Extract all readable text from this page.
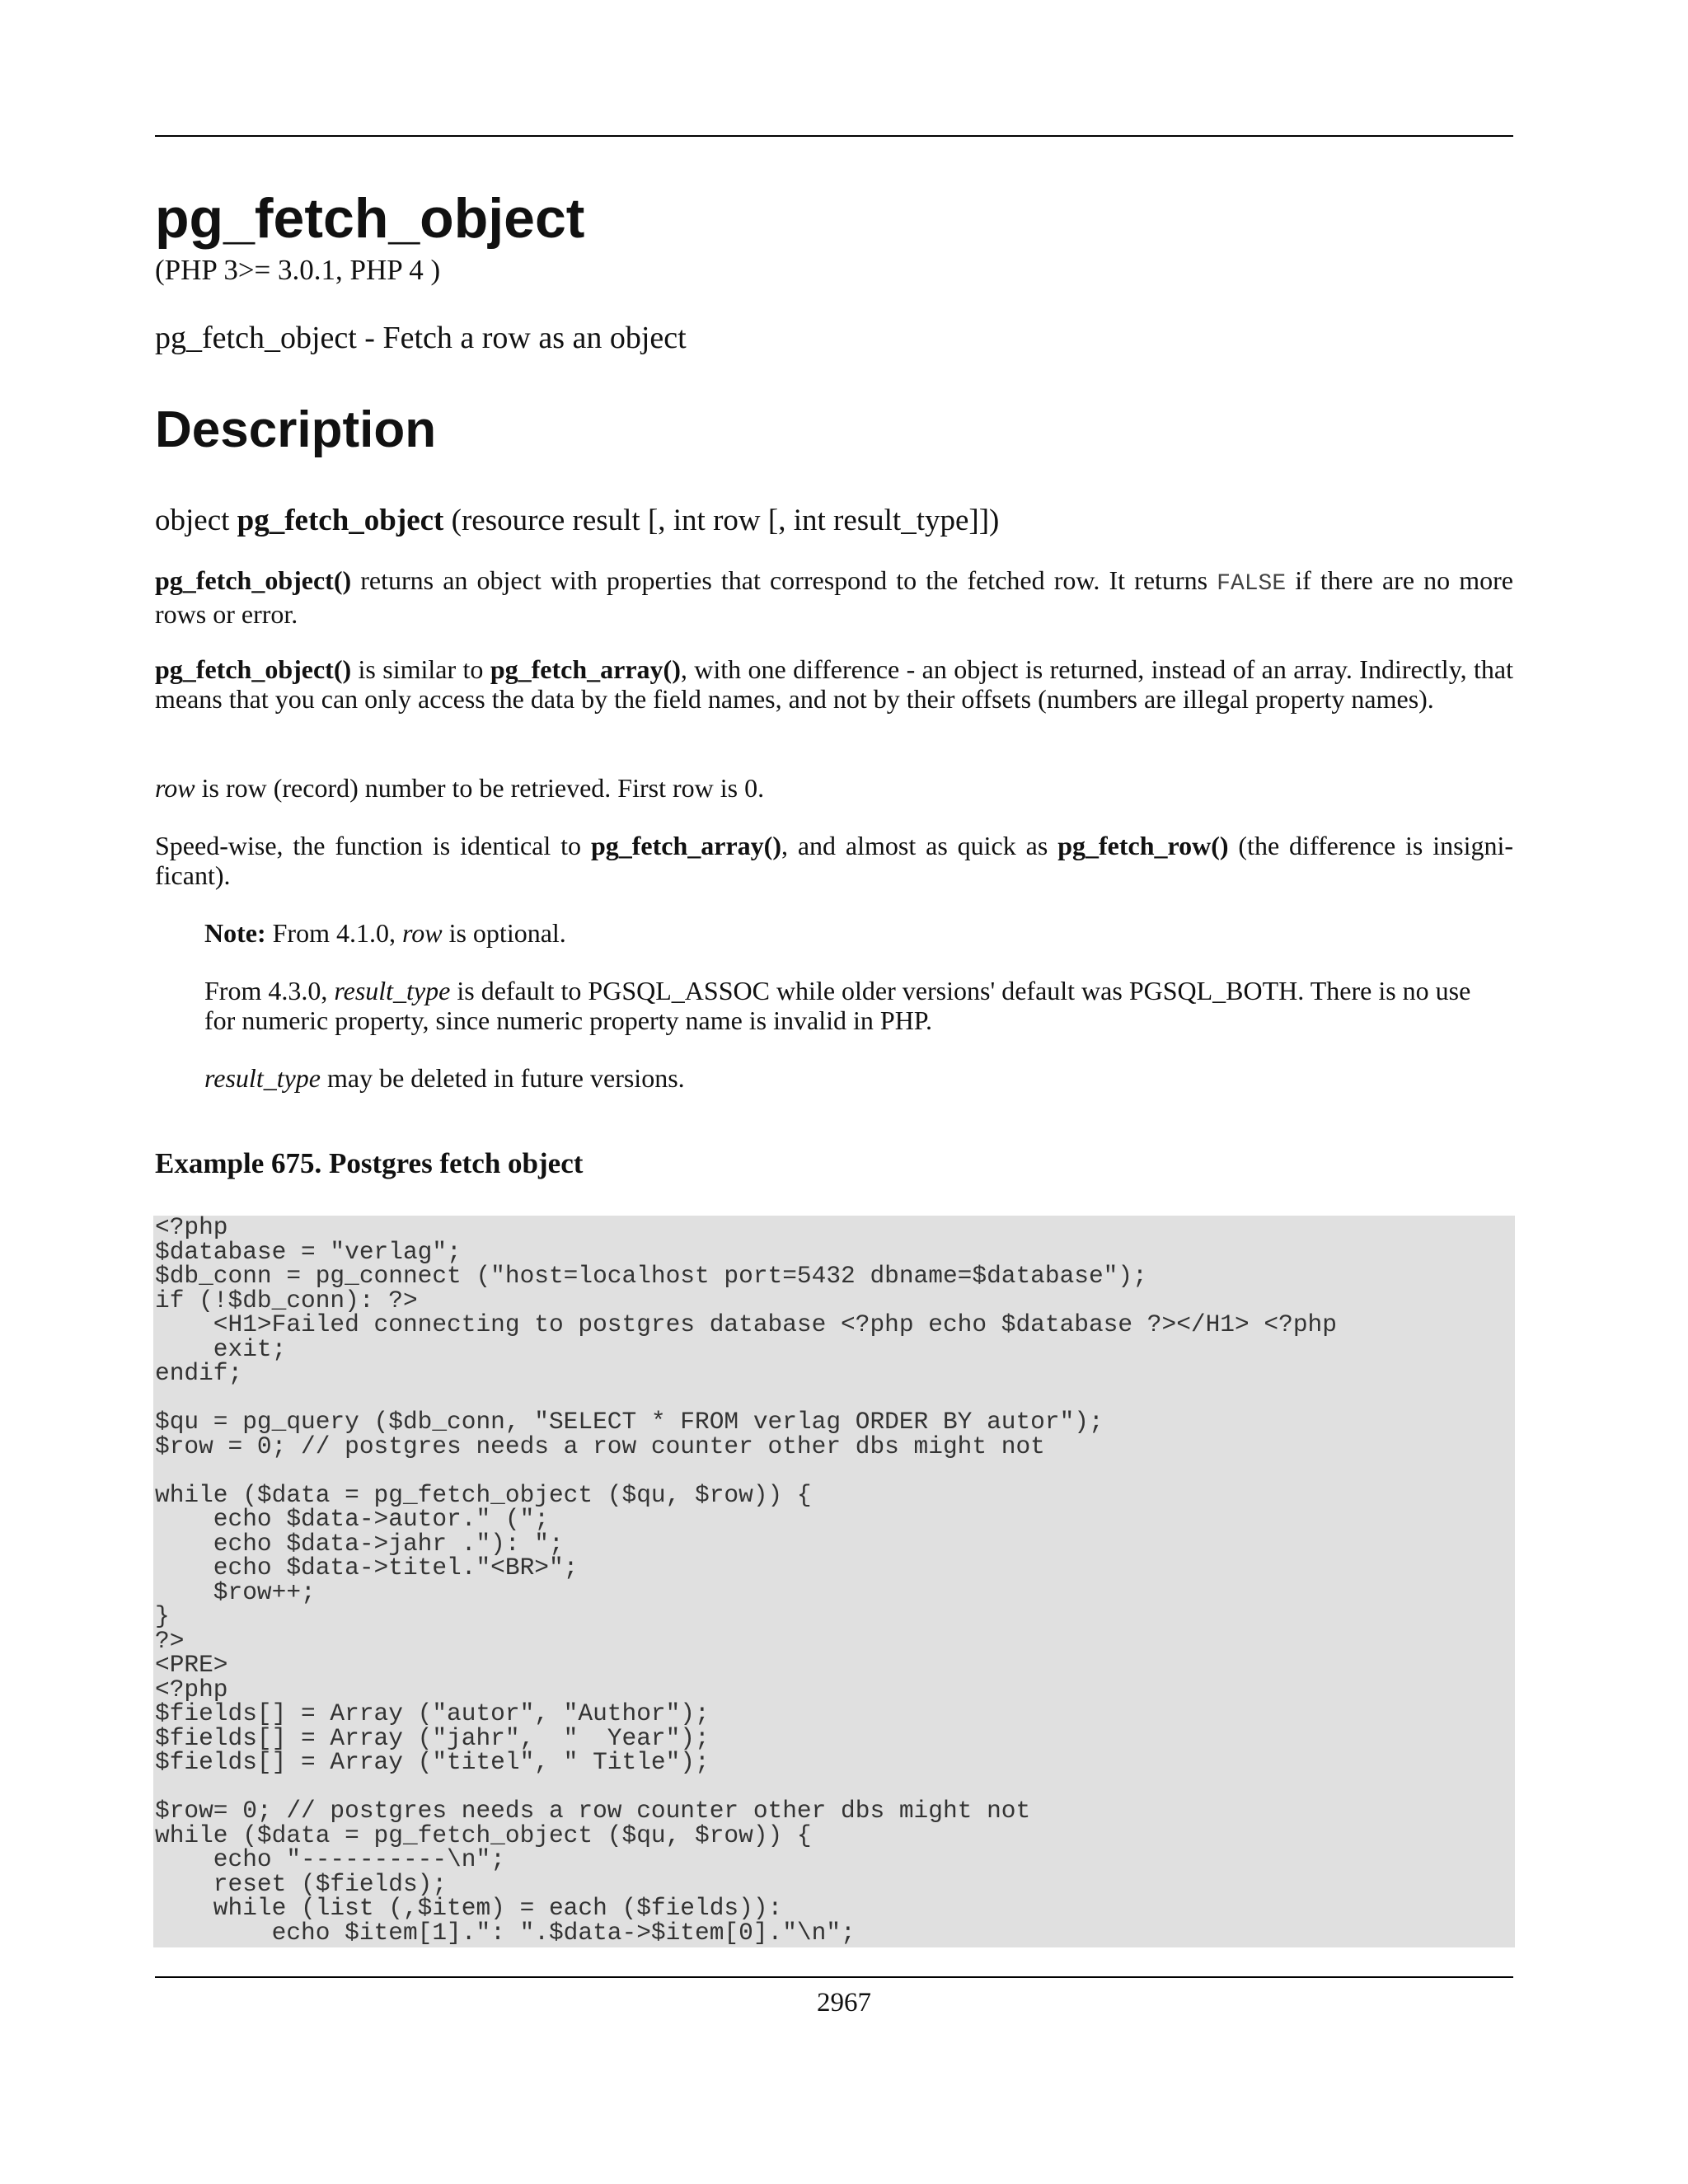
pg_fetch_object
(PHP 3>= 3.0.1, PHP 4 )
pg_fetch_object - Fetch a row as an object
Description
object pg_fetch_object (resource result [, int row [, int result_type]])

pg_fetch_object() returns an object with properties that correspond to the fetched row. It returns FALSE if there are no more rows or error.

pg_fetch_object() is similar to pg_fetch_array(), with one difference - an object is returned, instead of an array. Indirectly, that means that you can only access the data by the field names, and not by their offsets (numbers are illegal property names).

row is row (record) number to be retrieved. First row is 0.

Speed-wise, the function is identical to pg_fetch_array(), and almost as quick as pg_fetch_row() (the difference is insignificant).

Note: From 4.1.0, row is optional.

From 4.3.0, result_type is default to PGSQL_ASSOC while older versions' default was PGSQL_BOTH. There is no use for numeric property, since numeric property name is invalid in PHP.

result_type may be deleted in future versions.

Example 675. Postgres fetch object
<?php
$database = "verlag";
$db_conn = pg_connect ("host=localhost port=5432 dbname=$database");
if (!$db_conn): ?>
<H1>Failed connecting to postgres database <?php echo $database ?></H1> <?php
exit;
endif;

$qu = pg_query ($db_conn, "SELECT * FROM verlag ORDER BY autor");
$row = 0; // postgres needs a row counter other dbs might not

while ($data = pg_fetch_object ($qu, $row)) {
echo $data->autor." (";
echo $data->jahr ."): ";
echo $data->titel."<BR>";
$row++;
}
?>
<PRE>
<?php
$fields[] = Array ("autor", "Author");
$fields[] = Array ("jahr",  "  Year");
$fields[] = Array ("titel", " Title");

$row= 0; // postgres needs a row counter other dbs might not
while ($data = pg_fetch_object ($qu, $row)) {
echo "----------\n";
reset ($fields);
while (list (,$item) = each ($fields)):
echo $item[1].": ".$data->$item[0]."\n";
2967
